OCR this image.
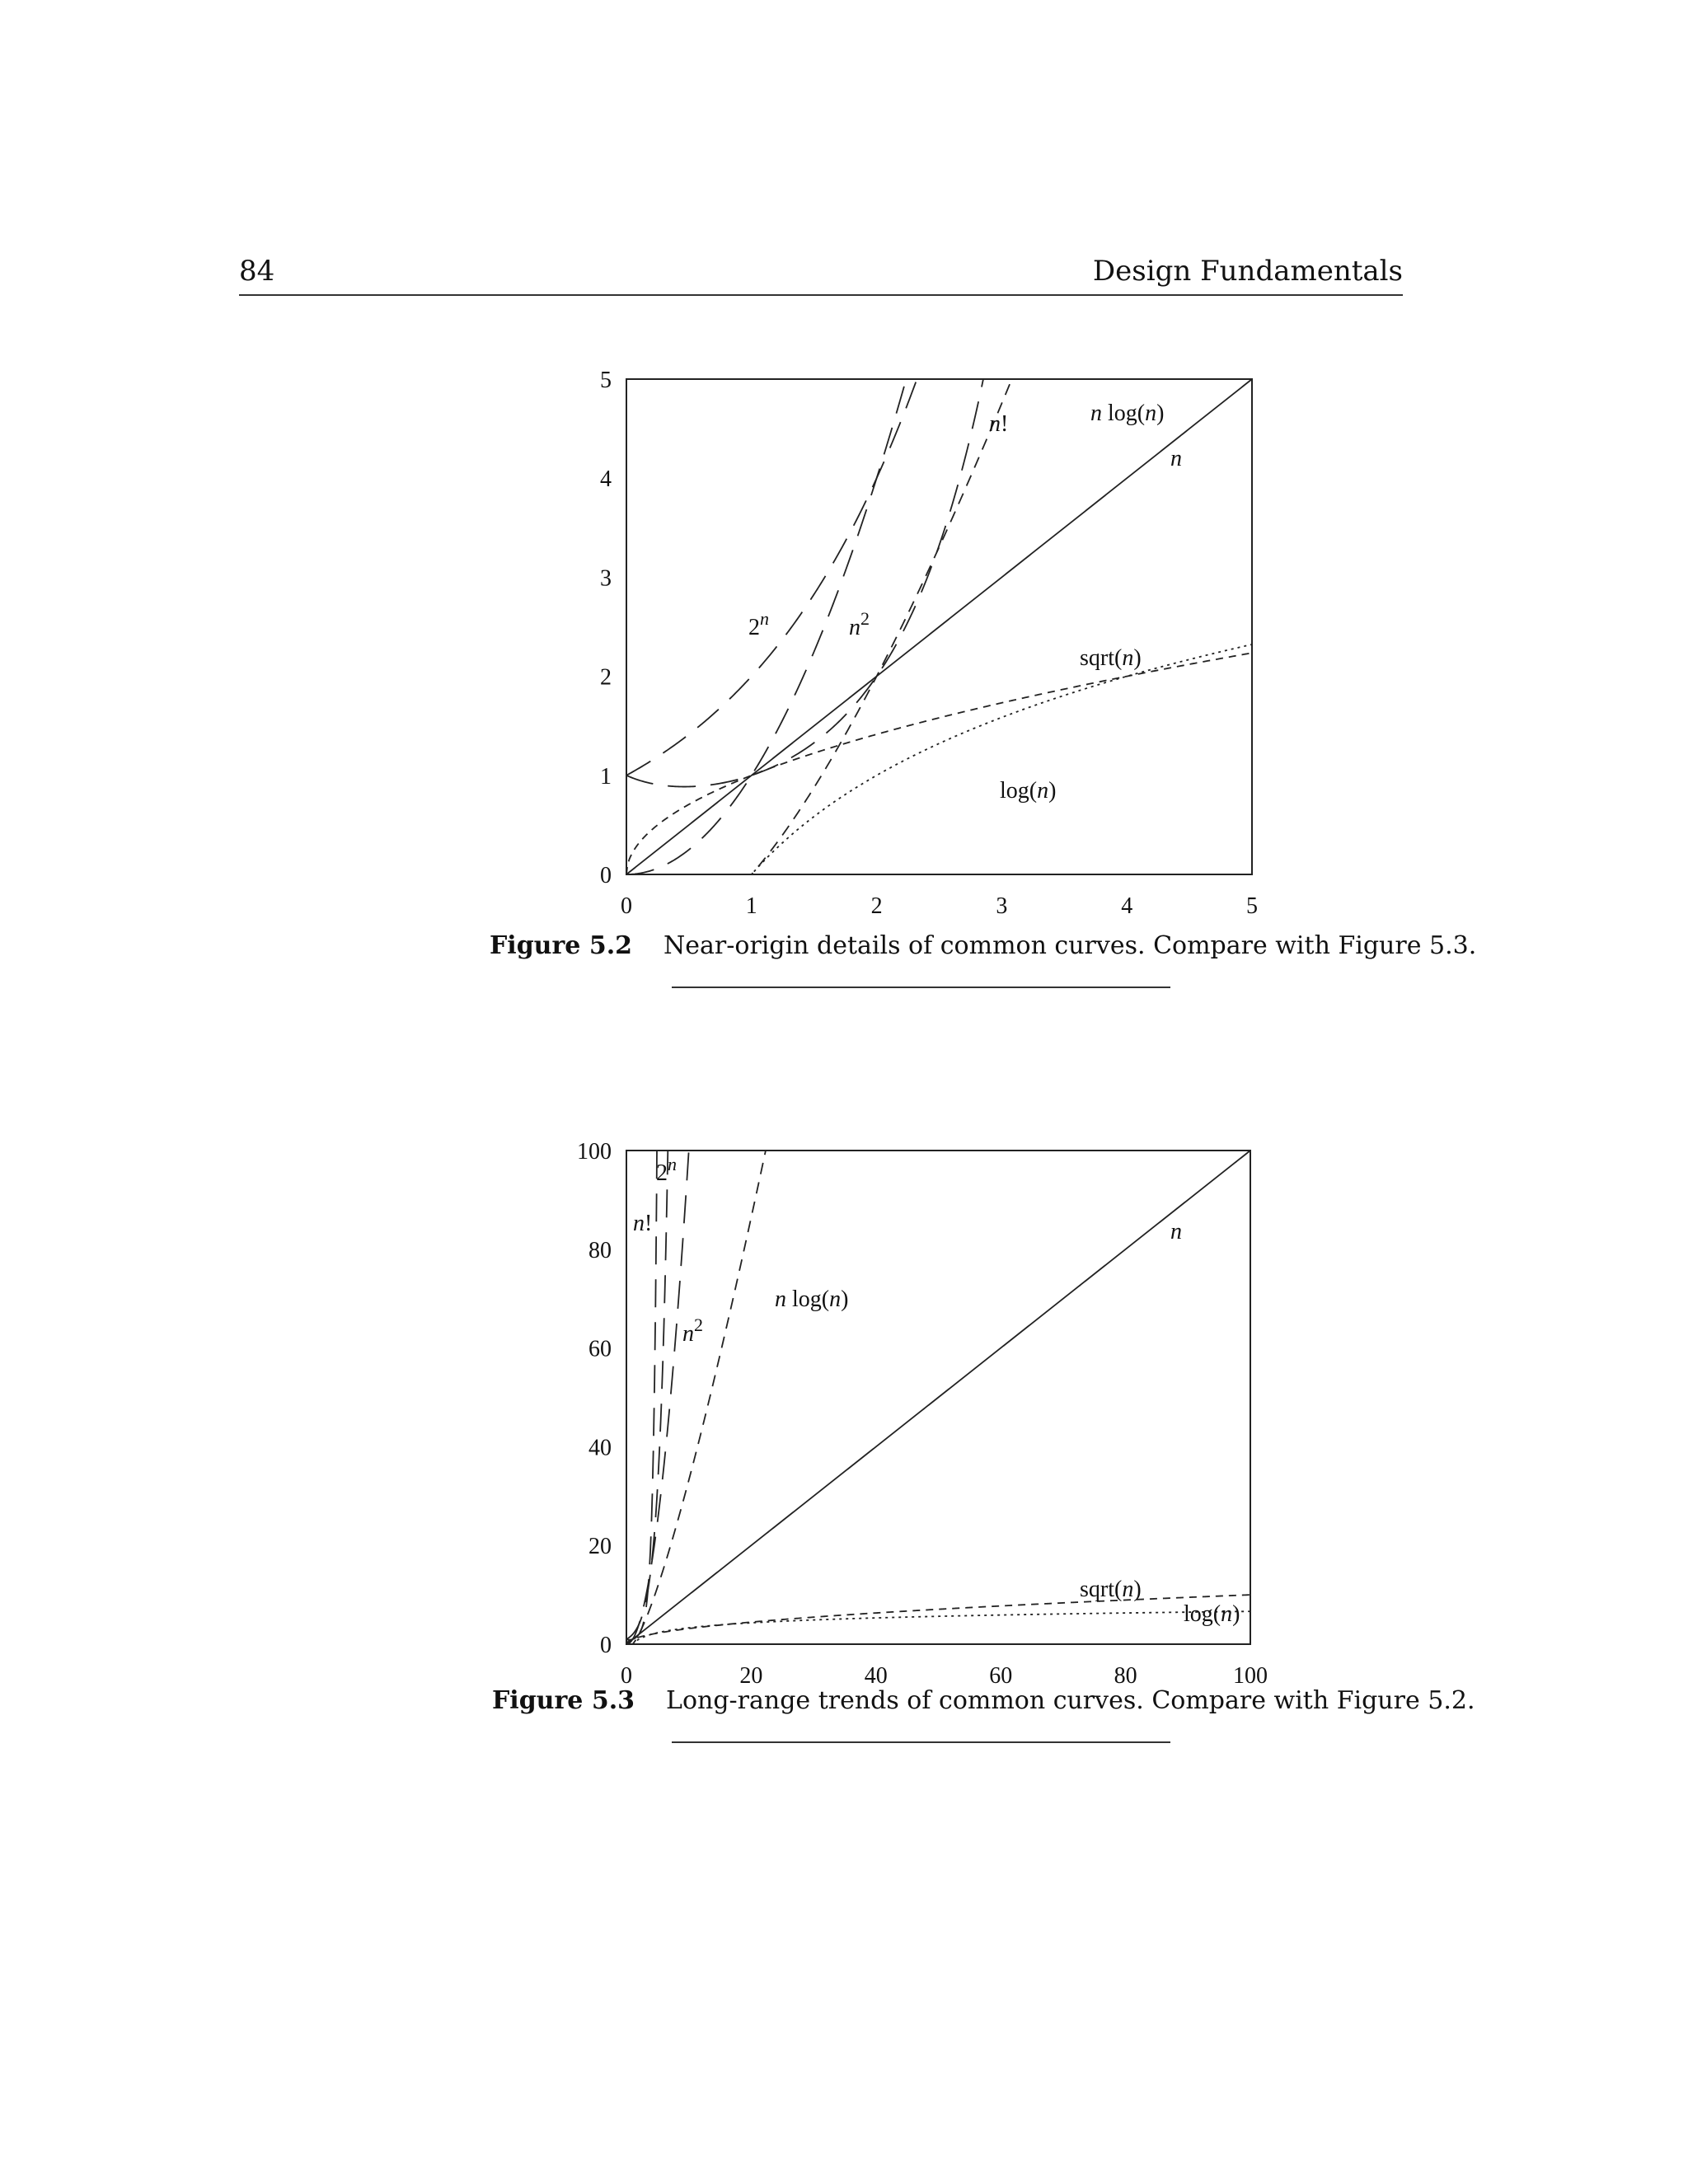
84	Design Fundamentals
0	1	2	3	4	5
0
1
2
3
4
5
n
n log(n)
n!
2$^n$	$n^2$
sqrt(n)
log(n)
Figure 5.2 Near-origin details of common curves. Compare with Figure 5.3.
0	20	40	60	80	100
0
20
40
60
80
100
n
n log(n)
n!
2$^n$
$n^2$
sqrt(n)
log(n)
Figure 5.3 Long-range trends of common curves. Compare with Figure 5.2.
